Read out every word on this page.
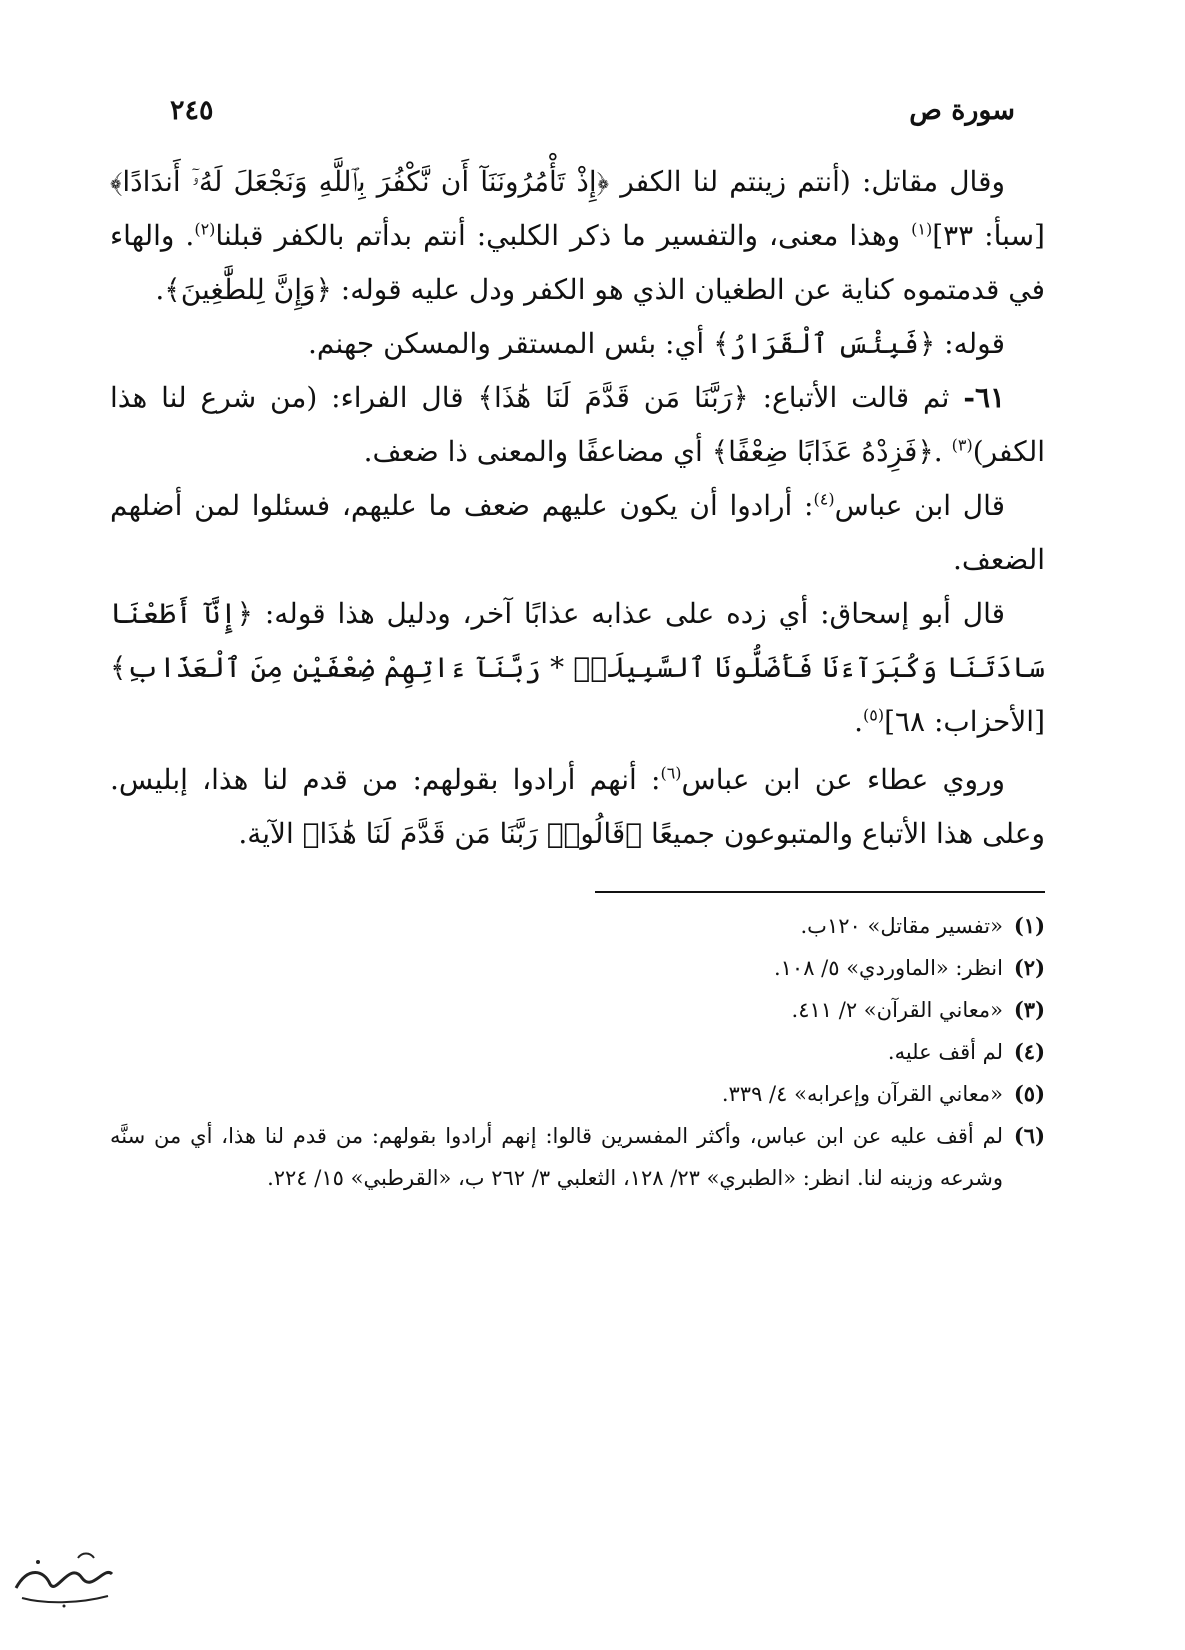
سورة ص
٢٤٥

وقال مقاتل: (أنتم زينتم لنا الكفر ﴿إِذْ تَأْمُرُونَنَآ أَن نَّكْفُرَ بِٱللَّهِ وَنَجْعَلَ لَهُۥٓ أَندَادًا﴾ [سبأ: ٣٣]$^{(١)}$ وهذا معنى، والتفسير ما ذكر الكلبي: أنتم بدأتم بالكفر قبلنا$^{(٢)}$. والهاء في قدمتموه كناية عن الطغيان الذي هو الكفر ودل عليه قوله: ﴿وَإِنَّ لِلطَّٰغِينَ﴾.

قوله: ﴿فَبِئْسَ ٱلْقَرَارُ﴾ أي: بئس المستقر والمسكن جهنم.

٦١- ثم قالت الأتباع: ﴿رَبَّنَا مَن قَدَّمَ لَنَا هَٰذَا﴾ قال الفراء: (من شرع لنا هذا الكفر)$^{(٣)}$ .﴿فَزِدْهُ عَذَابًا ضِعْفًا﴾ أي مضاعفًا والمعنى ذا ضعف.

قال ابن عباس$^{(٤)}$: أرادوا أن يكون عليهم ضعف ما عليهم، فسئلوا لمن أضلهم الضعف.

قال أبو إسحاق: أي زده على عذابه عذابًا آخر، ودليل هذا قوله: ﴿إِنَّآ أَطَعْنَا سَادَتَنَا وَكُبَرَآءَنَا فَأَضَلُّونَا ٱلسَّبِيلَا۠ * رَبَّنَآ ءَاتِهِمْ ضِعْفَيْنِ مِنَ ٱلْعَذَابِ﴾ [الأحزاب: ٦٨]$^{(٥)}$.

وروي عطاء عن ابن عباس$^{(٦)}$: أنهم أرادوا بقولهم: من قدم لنا هذا، إبليس. وعلى هذا الأتباع والمتبوعون جميعًا ﴿قَالُوا۟ رَبَّنَا مَن قَدَّمَ لَنَا هَٰذَا﴾ الآية.

(١)
«تفسير مقاتل» ١٢٠ب.
(٢)
انظر: «الماوردي» ٥/ ١٠٨.
(٣)
«معاني القرآن» ٢/ ٤١١.
(٤)
لم أقف عليه.
(٥)
«معاني القرآن وإعرابه» ٤/ ٣٣٩.
(٦)
لم أقف عليه عن ابن عباس، وأكثر المفسرين قالوا: إنهم أرادوا بقولهم: من قدم لنا هذا، أي من سنَّه وشرعه وزينه لنا. انظر: «الطبري» ٢٣/ ١٢٨، الثعلبي ٣/ ٢٦٢ ب، «القرطبي» ١٥/ ٢٢٤.
